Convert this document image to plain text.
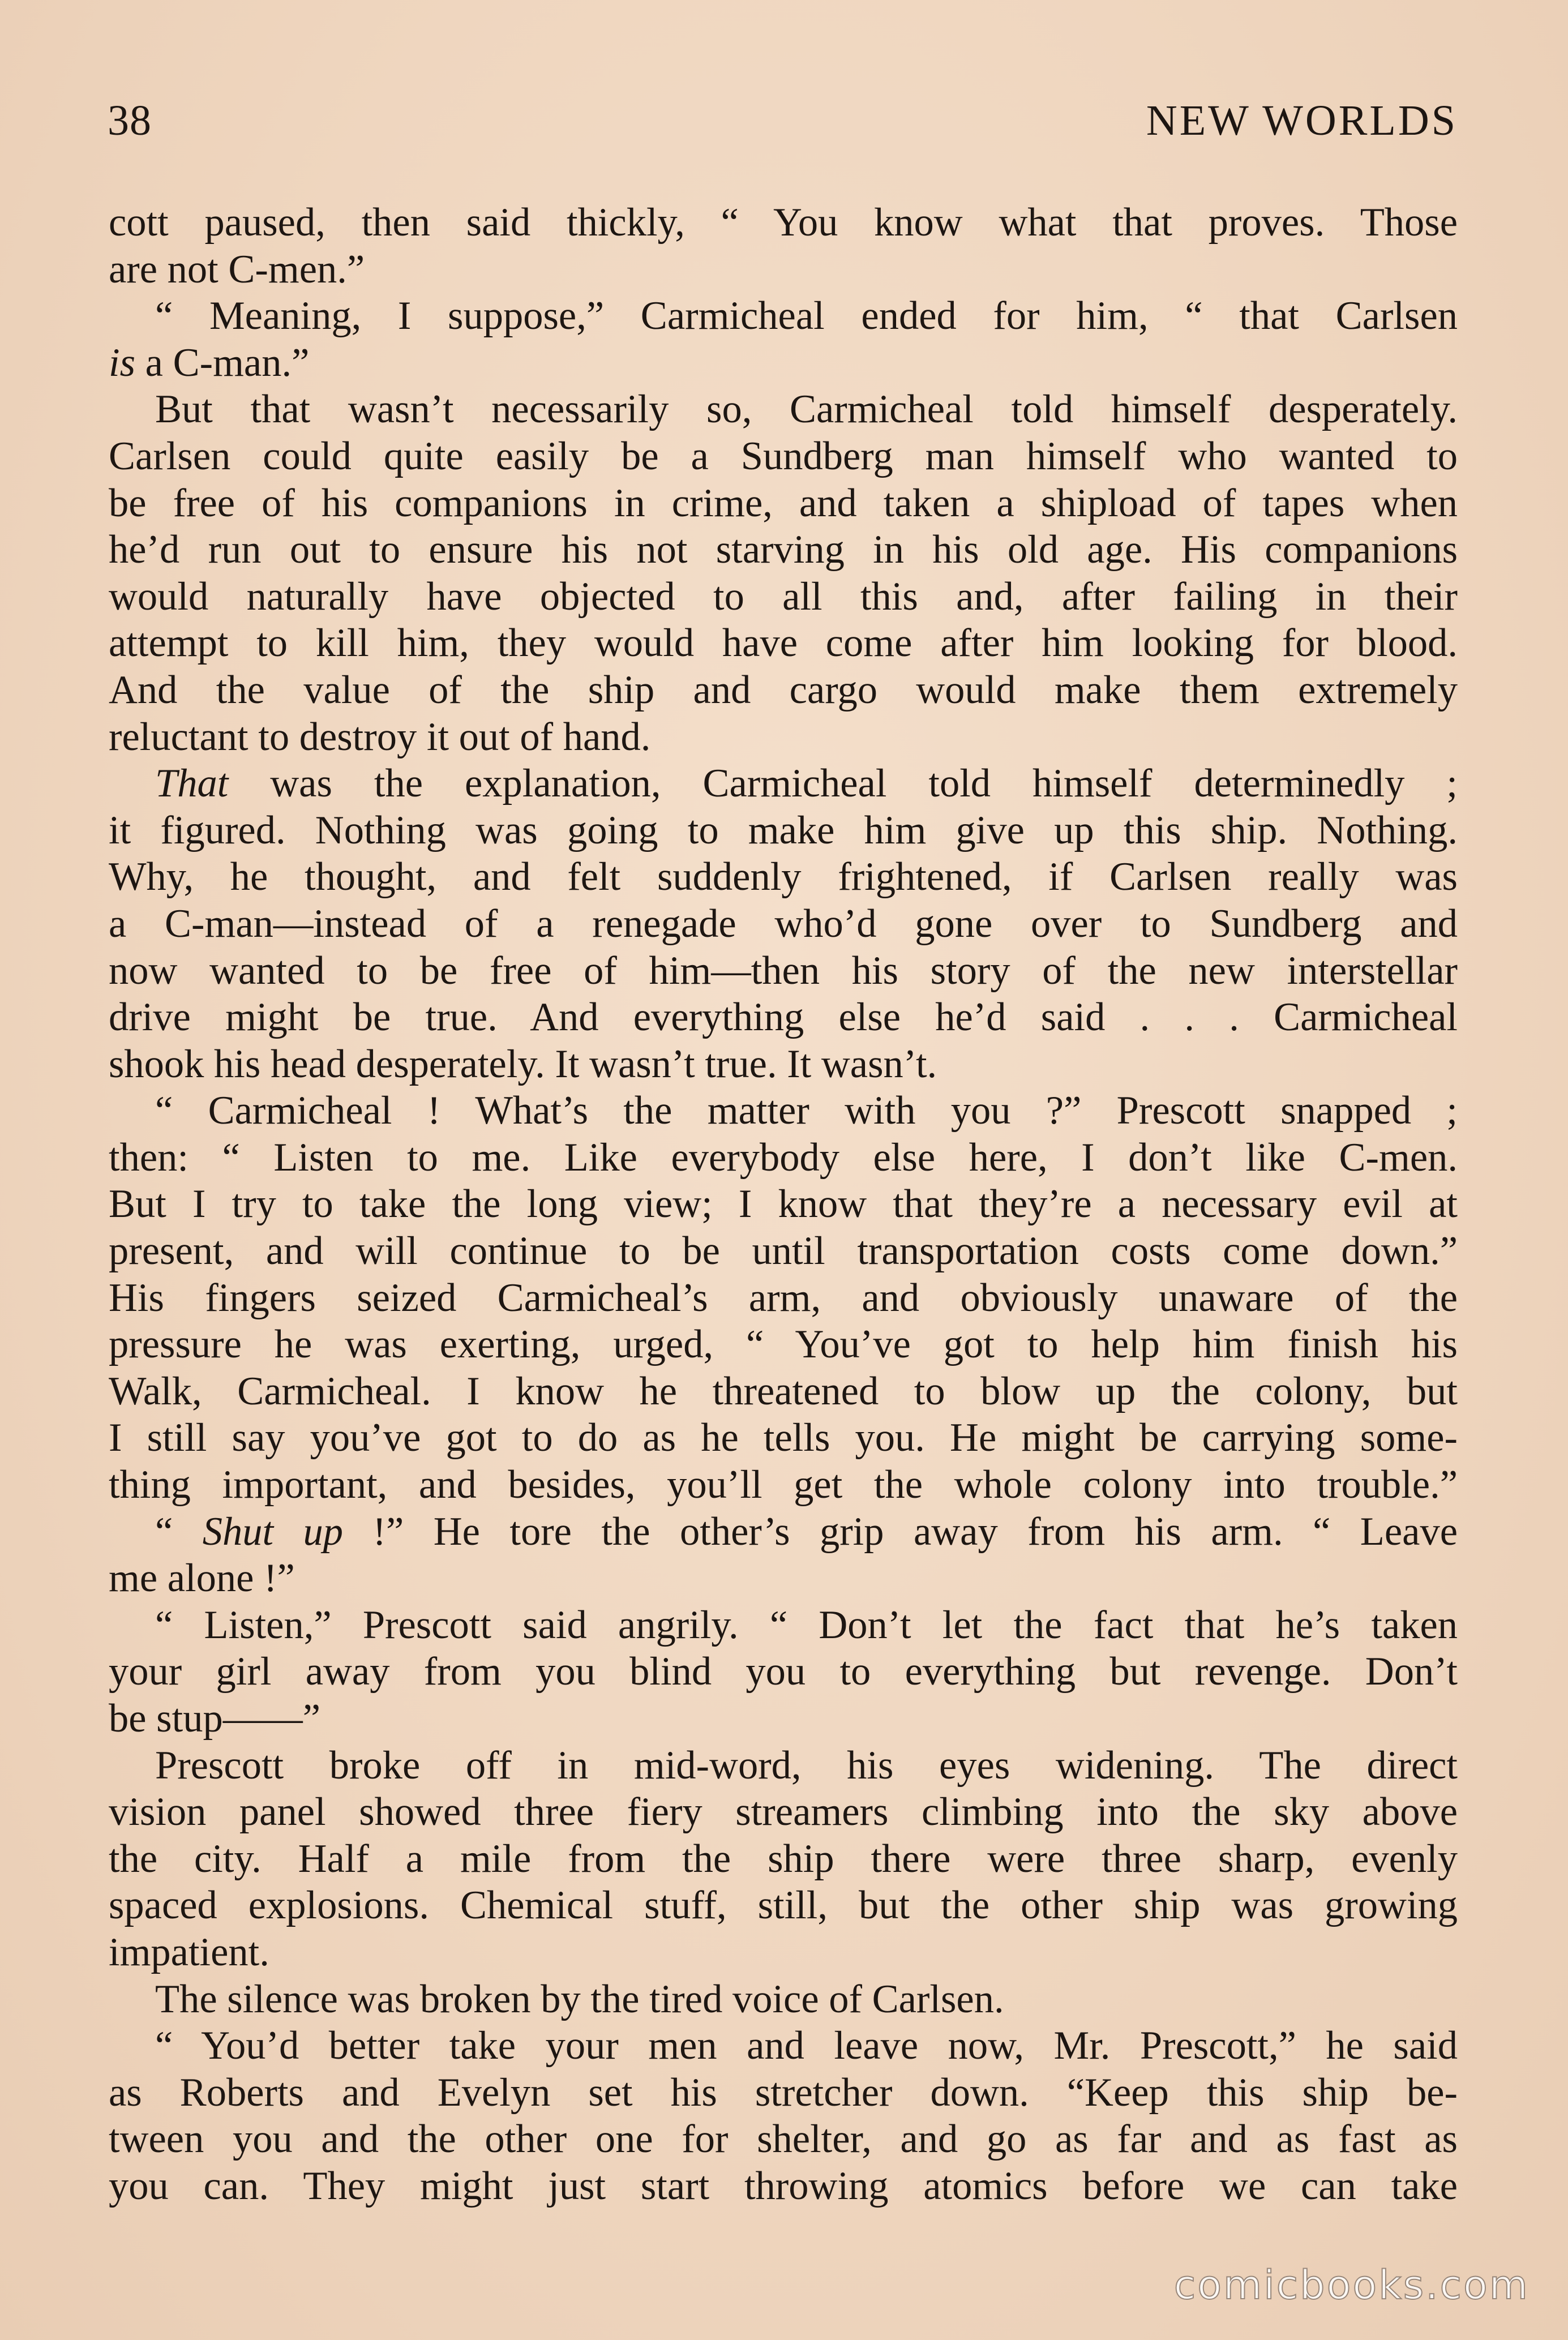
38	NEW WORLDS
cott paused, then said thickly, “ You know what that proves. Those
are not C-men.”
“ Meaning, I suppose,” Carmicheal ended for him, “ that Carlsen
is a C-man.”
But that wasn’t necessarily so, Carmicheal told himself desperately.
Carlsen could quite easily be a Sundberg man himself who wanted to
be free of his companions in crime, and taken a shipload of tapes when
he’d run out to ensure his not starving in his old age. His companions
would naturally have objected to all this and, after failing in their
attempt to kill him, they would have come after him looking for blood.
And the value of the ship and cargo would make them extremely
reluctant to destroy it out of hand.
That was the explanation, Carmicheal told himself determinedly ;
it figured. Nothing was going to make him give up this ship. Nothing.
Why, he thought, and felt suddenly frightened, if Carlsen really was
a C-man—instead of a renegade who’d gone over to Sundberg and
now wanted to be free of him—then his story of the new interstellar
drive might be true. And everything else he’d said . . . Carmicheal
shook his head desperately. It wasn’t true. It wasn’t.
“ Carmicheal ! What’s the matter with you ?” Prescott snapped ;
then: “ Listen to me. Like everybody else here, I don’t like C-men.
But I try to take the long view; I know that they’re a necessary evil at
present, and will continue to be until transportation costs come down.”
His fingers seized Carmicheal’s arm, and obviously unaware of the
pressure he was exerting, urged, “ You’ve got to help him finish his
Walk, Carmicheal. I know he threatened to blow up the colony, but
I still say you’ve got to do as he tells you. He might be carrying some-
thing important, and besides, you’ll get the whole colony into trouble.”
“ Shut up !” He tore the other’s grip away from his arm. “ Leave
me alone !”
“ Listen,” Prescott said angrily. “ Don’t let the fact that he’s taken
your girl away from you blind you to everything but revenge. Don’t
be stup——”
Prescott broke off in mid-word, his eyes widening. The direct
vision panel showed three fiery streamers climbing into the sky above
the city. Half a mile from the ship there were three sharp, evenly
spaced explosions. Chemical stuff, still, but the other ship was growing
impatient.
The silence was broken by the tired voice of Carlsen.
“ You’d better take your men and leave now, Mr. Prescott,” he said
as Roberts and Evelyn set his stretcher down. “Keep this ship be-
tween you and the other one for shelter, and go as far and as fast as
you can. They might just start throwing atomics before we can take
comicbooks.com
